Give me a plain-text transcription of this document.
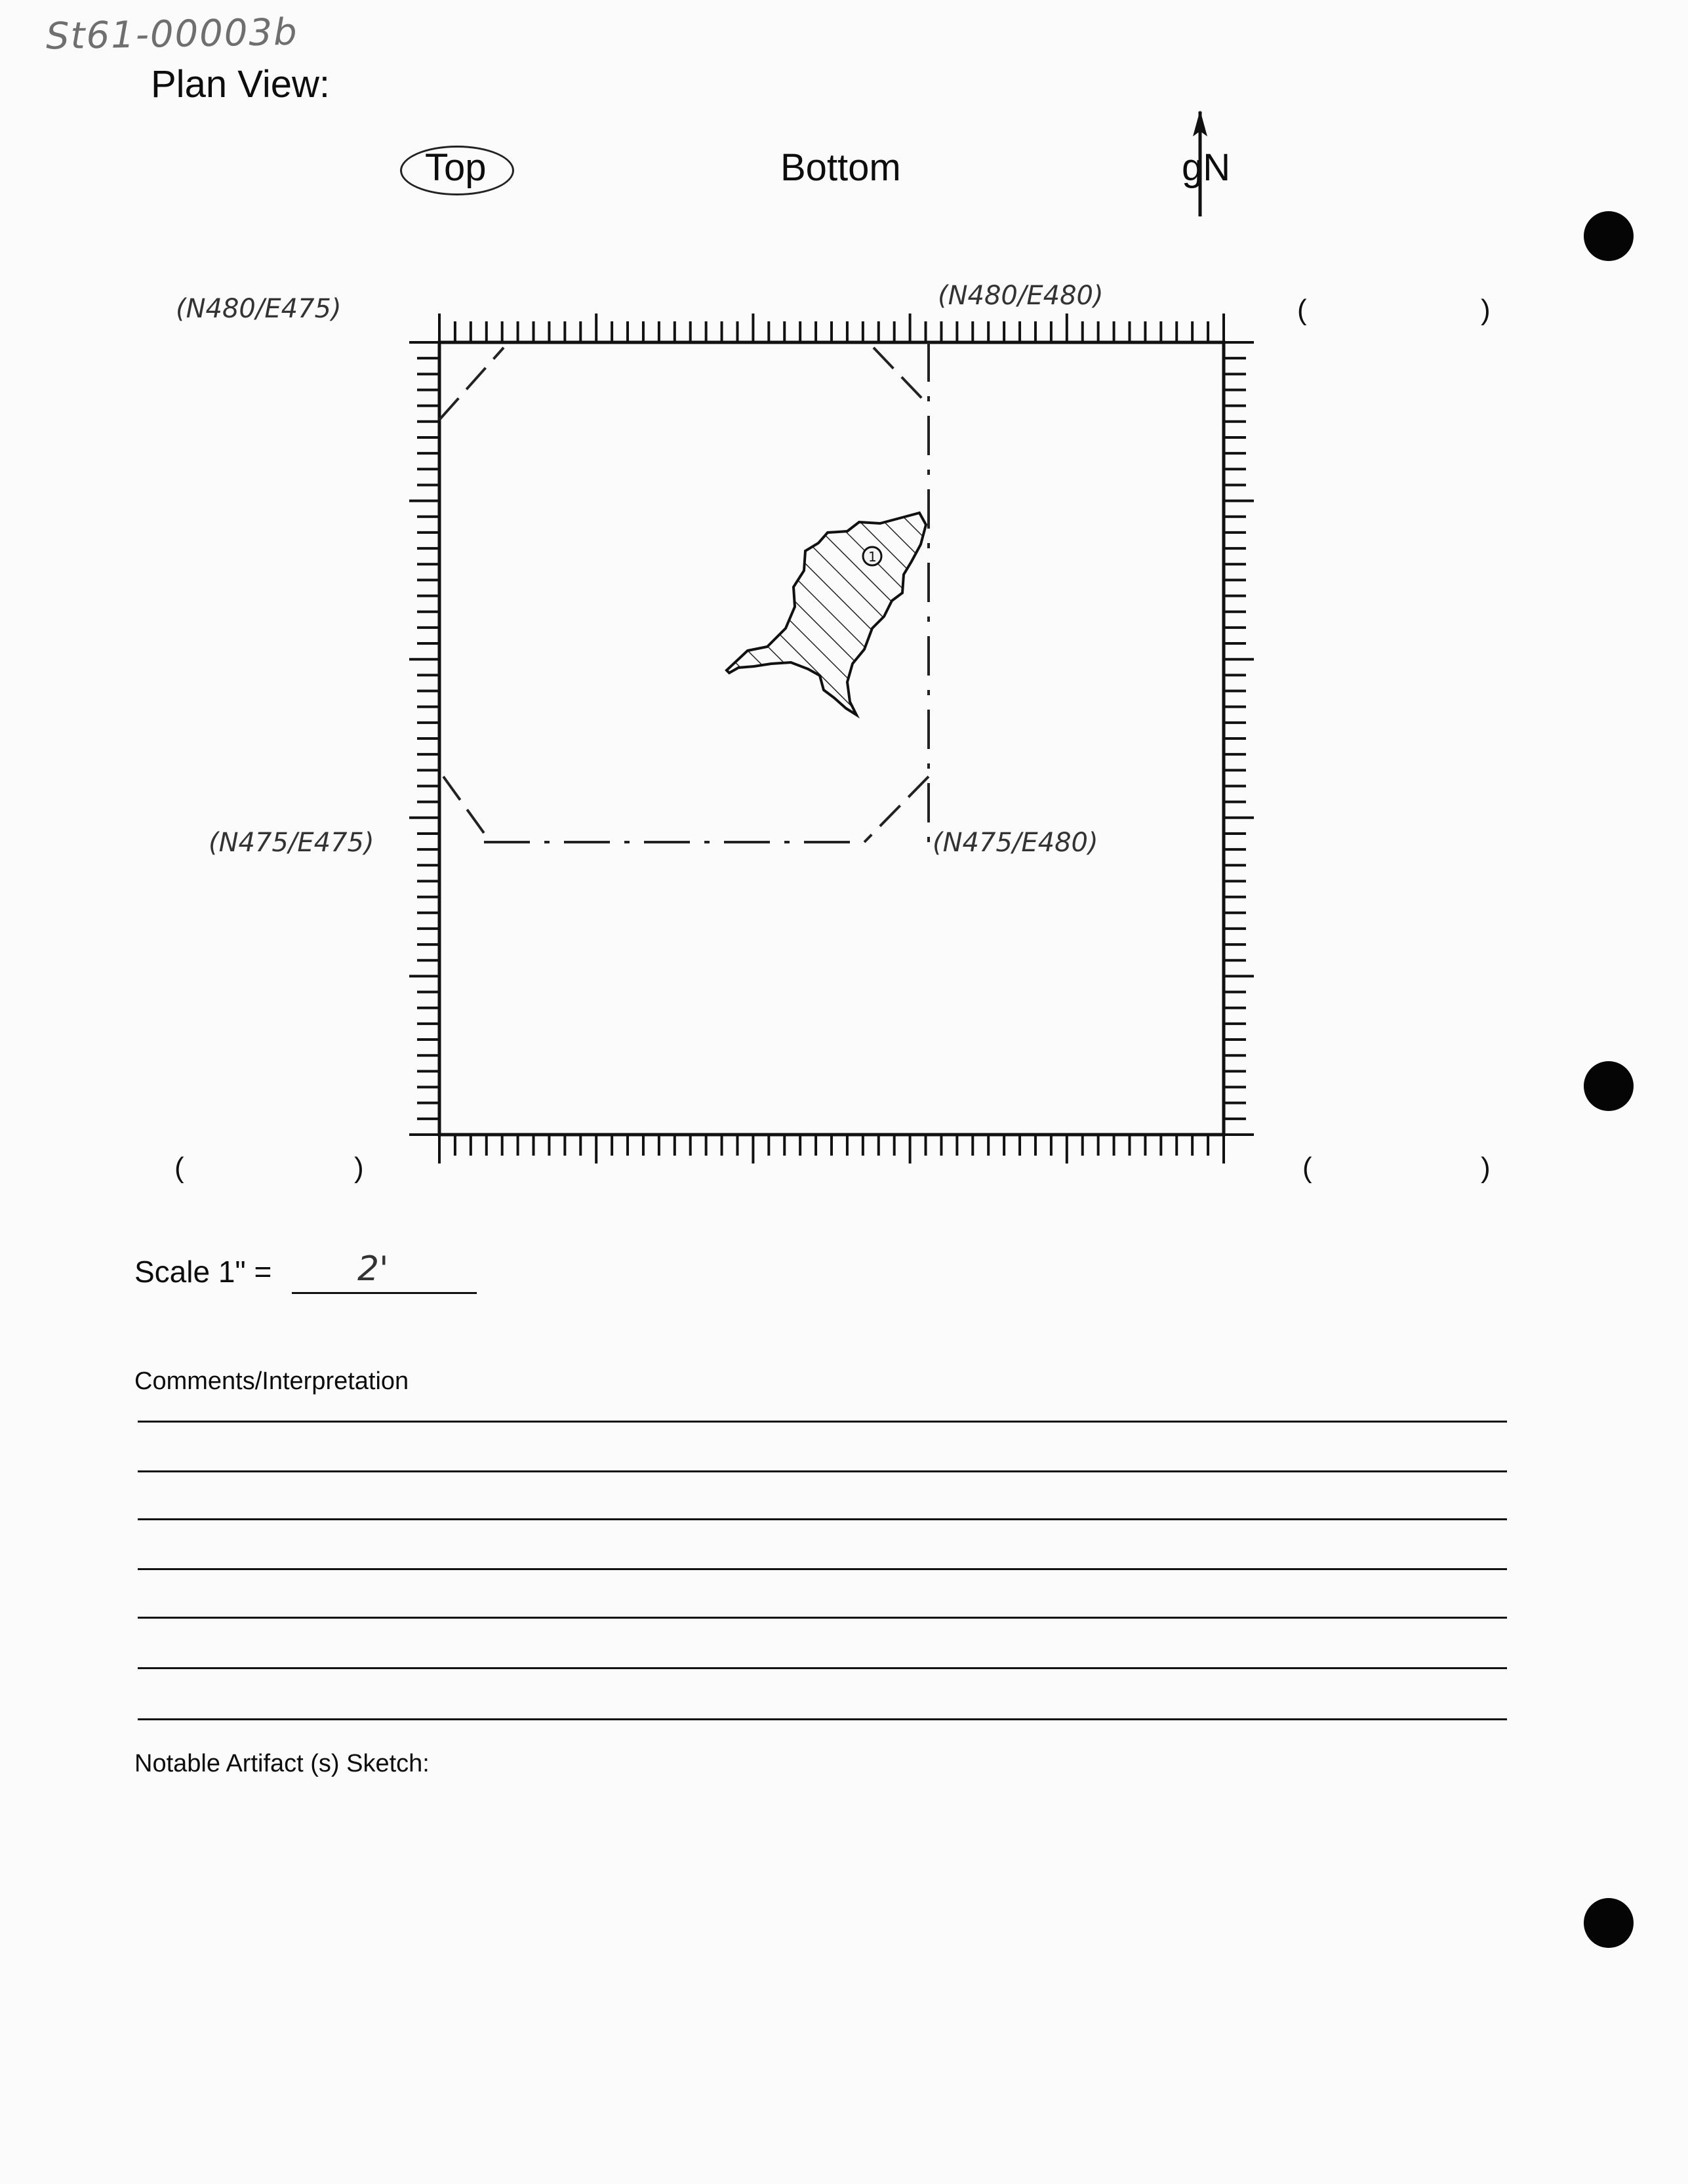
St61-00003b
Plan View:
Top	Bottom	gN
(N480/E475)	(N480/E480)
(N475/E475)	(N475/E480)
(	)
(	)	(	)
1
Scale 1" =	2'
Comments/Interpretation
Notable Artifact (s) Sketch:
